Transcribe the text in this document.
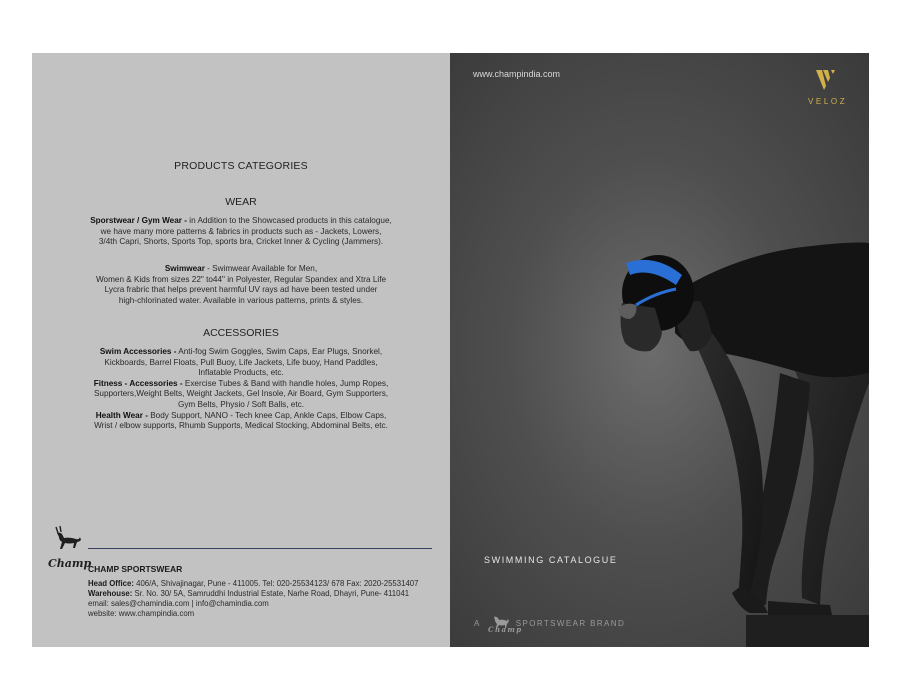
PRODUCTS CATEGORIES
WEAR
Sporstwear / Gym Wear - in Addition to the Showcased products in this catalogue,
we have many more patterns & fabrics in products such as - Jackets, Lowers,
3/4th Capri, Shorts, Sports Top, sports bra, Cricket Inner & Cycling (Jammers).
Swimwear - Swimwear Available for Men,
Women & Kids from sizes 22" to44" in Polyester, Regular Spandex and Xtra Life
Lycra frabric that helps prevent harmful UV rays ad have been tested under
high-chlorinated water. Available in various patterns, prints & styles.
ACCESSORIES
Swim Accessories - Anti-fog Swim Goggles, Swim Caps, Ear Plugs, Snorkel,
Kickboards, Barrel Floats, Pull Buoy, Life Jackets, Life buoy, Hand Paddles,
Inflatable Products, etc.
Fitness - Accessories - Exercise Tubes & Band with handle holes, Jump Ropes,
Supporters,Weight Belts, Weight Jackets, Gel Insole, Air Board, Gym Supporters,
Gym Belts, Physio / Soft Balls, etc.
Health Wear - Body Support, NANO - Tech knee Cap, Ankle Caps, Elbow Caps,
Wrist / elbow supports, Rhumb Supports, Medical Stocking, Abdominal Belts, etc.
Champ
CHAMP SPORTSWEAR
Head Office: 406/A, Shivajinagar, Pune - 411005. Tel: 020-25534123/ 678 Fax: 2020-25531407
Warehouse: Sr. No. 30/ 5A, Samruddhi Industrial Estate, Narhe Road, Dhayri, Pune- 411041
email: sales@chamindia.com | info@chamindia.com
website: www.champindia.com
www.champindia.com
VELOZ
SWIMMING CATALOGUE
A
Champ
SPORTSWEAR BRAND
